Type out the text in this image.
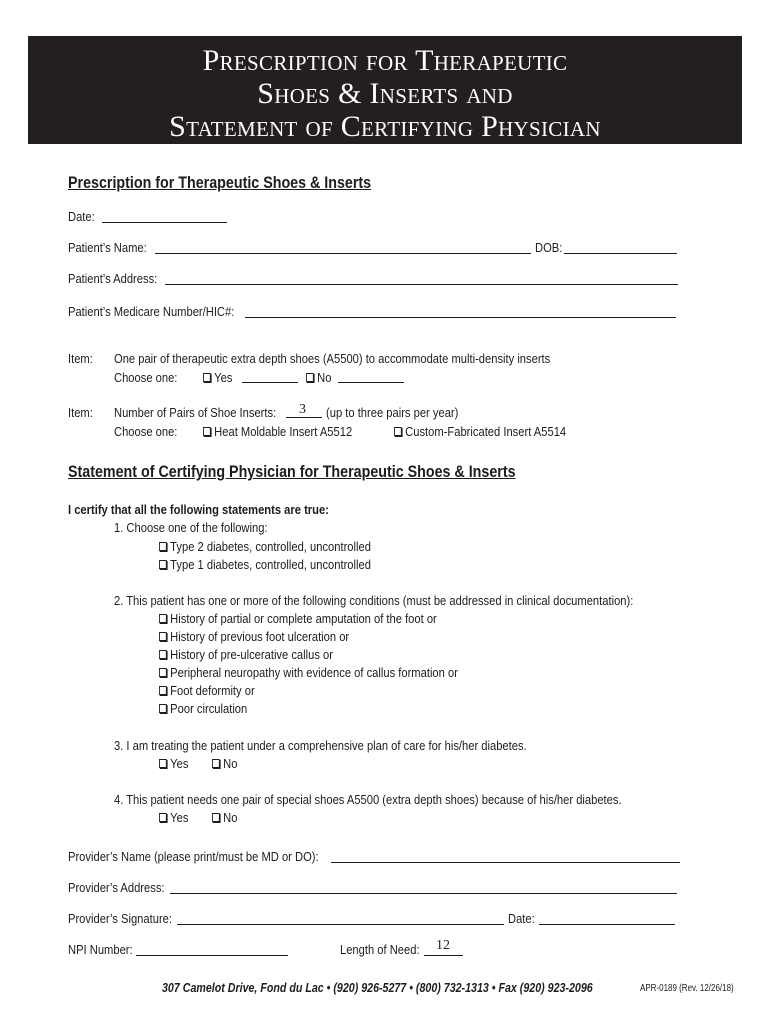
Prescription for Therapeutic
Shoes & Inserts and
Statement of Certifying Physician
Prescription for Therapeutic Shoes & Inserts
Date:
Patient’s Name:	DOB:
Patient’s Address:
Patient’s Medicare Number/HIC#:
Item: One pair of therapeutic extra depth shoes (A5500) to accommodate multi-density inserts
Choose one:	Yes	No
Item: Number of Pairs of Shoe Inserts: 3 (up to three pairs per year)
Choose one:	Heat Moldable Insert A5512	Custom-Fabricated Insert A5514
Statement of Certifying Physician for Therapeutic Shoes & Inserts
I certify that all the following statements are true:
1. Choose one of the following:
Type 2 diabetes, controlled, uncontrolled
Type 1 diabetes, controlled, uncontrolled
2. This patient has one or more of the following conditions (must be addressed in clinical documentation):
History of partial or complete amputation of the foot or
History of previous foot ulceration or
History of pre-ulcerative callus or
Peripheral neuropathy with evidence of callus formation or
Foot deformity or
Poor circulation
3. I am treating the patient under a comprehensive plan of care for his/her diabetes.
Yes	No
4. This patient needs one pair of special shoes A5500 (extra depth shoes) because of his/her diabetes.
Yes	No
Provider’s Name (please print/must be MD or DO):
Provider’s Address:
Provider’s Signature:	Date:
NPI Number:	Length of Need: 12
307 Camelot Drive, Fond du Lac • (920) 926-5277 • (800) 732-1313 • Fax (920) 923-2096	APR-0189 (Rev. 12/26/18)
